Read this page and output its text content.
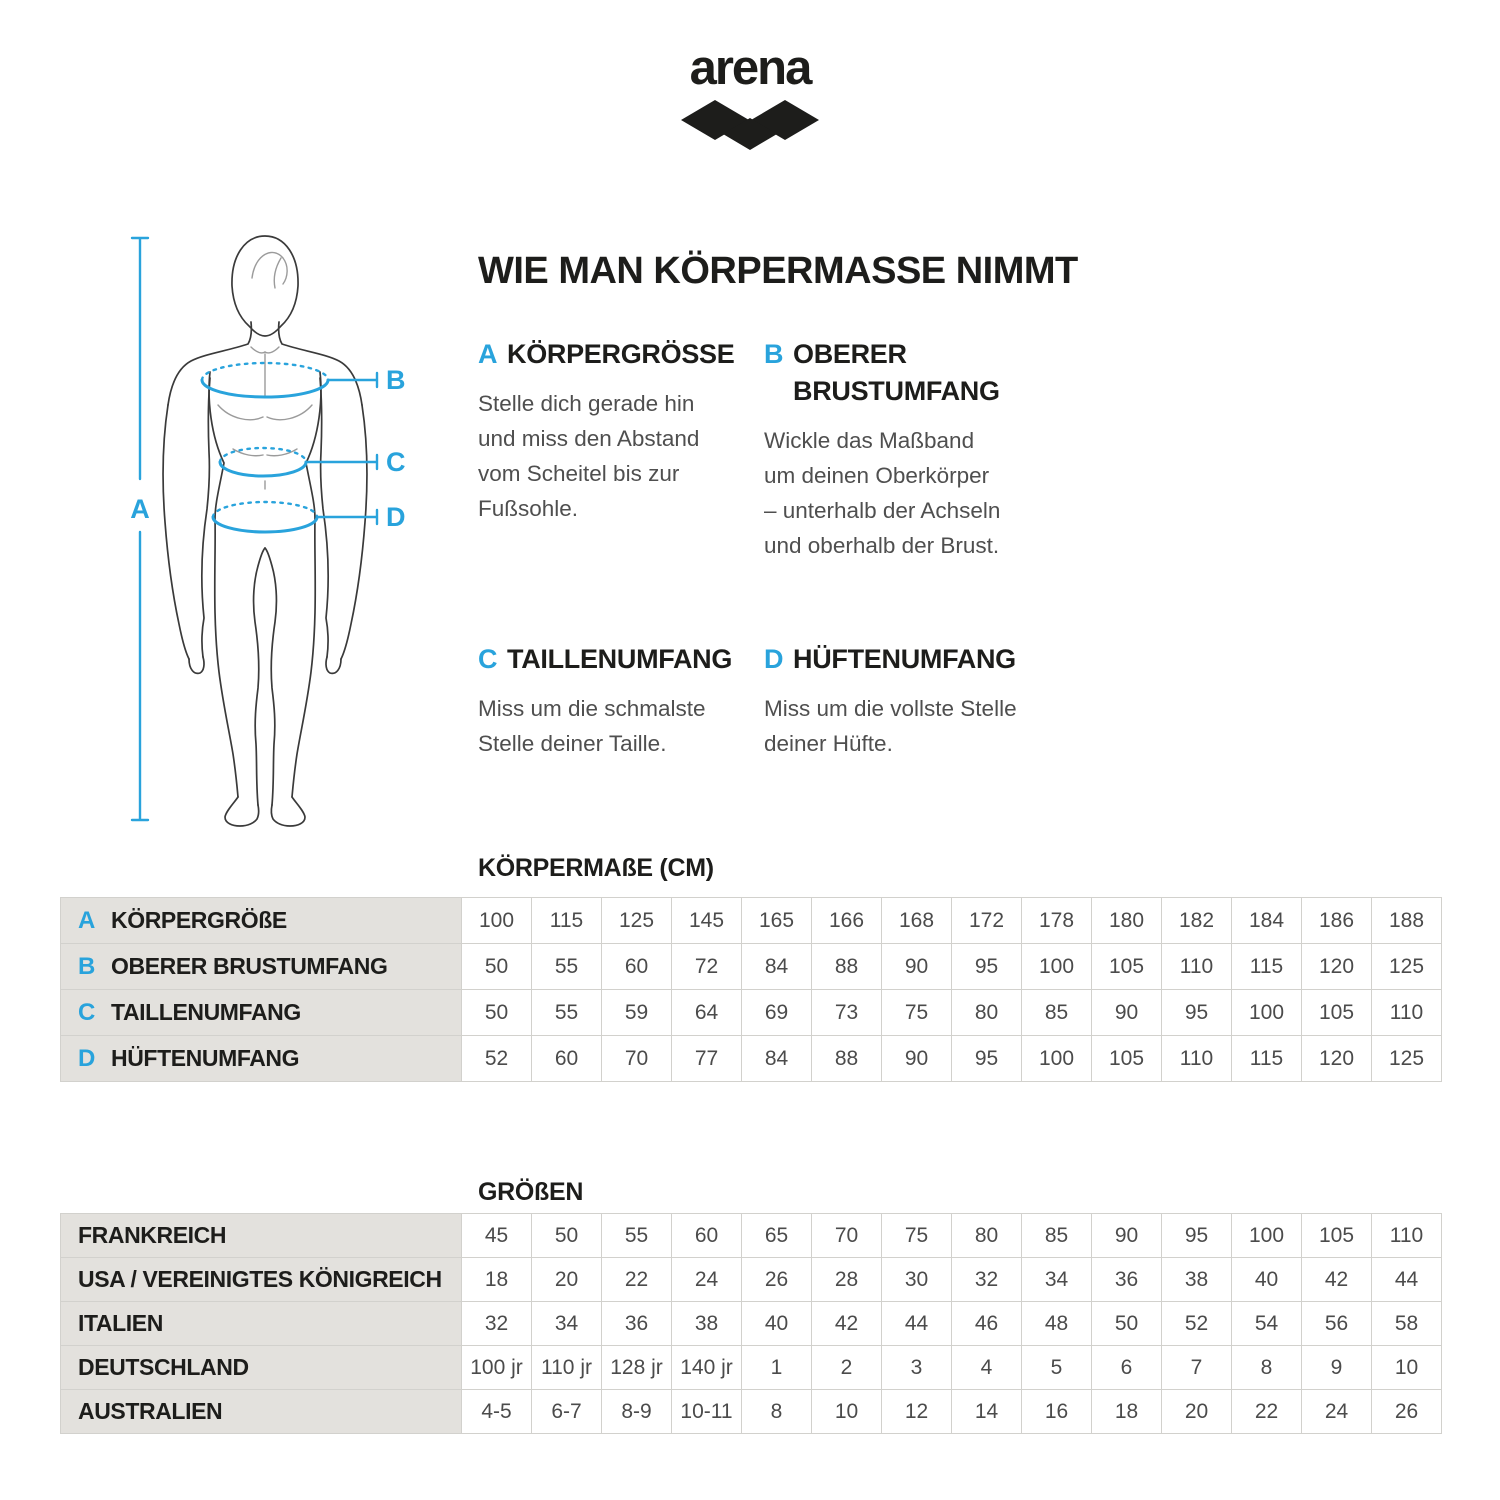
arena
A
B
C
D
WIE MAN KÖRPERMASSE NIMMT
A KÖRPERGRÖSSE
Stelle dich gerade hin
und miss den Abstand
vom Scheitel bis zur
Fußsohle.
B OBERER
BRUSTUMFANG
Wickle das Maßband
um deinen Oberkörper
– unterhalb der Achseln
und oberhalb der Brust.
C TAILLENUMFANG
Miss um die schmalste
Stelle deiner Taille.
D HÜFTENUMFANG
Miss um die vollste Stelle
deiner Hüfte.
KÖRPERMAßE (CM)
A KÖRPERGRÖßE	100	115	125	145	165	166	168	172	178	180	182	184	186	188
B OBERER BRUSTUMFANG	50	55	60	72	84	88	90	95	100	105	110	115	120	125
C TAILLENUMFANG	50	55	59	64	69	73	75	80	85	90	95	100	105	110
D HÜFTENUMFANG	52	60	70	77	84	88	90	95	100	105	110	115	120	125
GRÖßEN
FRANKREICH	45	50	55	60	65	70	75	80	85	90	95	100	105	110
USA / VEREINIGTES KÖNIGREICH	18	20	22	24	26	28	30	32	34	36	38	40	42	44
ITALIEN	32	34	36	38	40	42	44	46	48	50	52	54	56	58
DEUTSCHLAND	100 jr	110 jr	128 jr	140 jr	1	2	3	4	5	6	7	8	9	10
AUSTRALIEN	4-5	6-7	8-9	10-11	8	10	12	14	16	18	20	22	24	26
